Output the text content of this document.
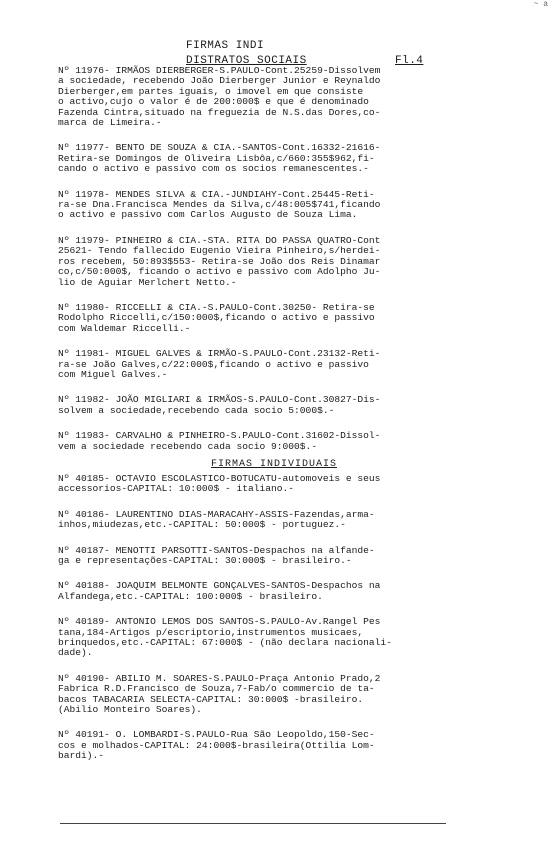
~ a
FIRMAS INDI
DISTRATOS SOCIAIS	Fl.4
Nº 11976- IRMÃOS DIERBERGER-S.PAULO-Cont.25259-Dissolvem
a sociedade, recebendo João Dierberger Junior e Reynaldo
Dierberger,em partes iguais, o imovel em que consiste
o activo,cujo o valor é de 200:000$ e que é denominado
Fazenda Cintra,situado na freguezia de N.S.das Dores,co-
marca de Limeira.-
Nº 11977- BENTO DE SOUZA & CIA.-SANTOS-Cont.16332-21616-
Retira-se Domingos de Oliveira Lisbôa,c/660:355$962,fi-
cando o activo e passivo com os socios remanescentes.-
Nº 11978- MENDES SILVA & CIA.-JUNDIAHY-Cont.25445-Reti-
ra-se Dna.Francisca Mendes da Silva,c/48:005$741,ficando
o activo e passivo com Carlos Augusto de Souza Lima.
Nº 11979- PINHEIRO & CIA.-STA. RITA DO PASSA QUATRO-Cont
25621- Tendo fallecido Eugenio Vieira Pinheiro,s/herdei-
ros recebem, 50:893$553- Retira-se João dos Reis Dinamar
co,c/50:000$, ficando o activo e passivo com Adolpho Ju-
lio de Aguiar Merlchert Netto.-
Nº 11980- RICCELLI & CIA.-S.PAULO-Cont.30250- Retira-se
Rodolpho Riccelli,c/150:000$,ficando o activo e passivo
com Waldemar Riccelli.-
Nº 11981- MIGUEL GALVES & IRMÃO-S.PAULO-Cont.23132-Reti-
ra-se João Galves,c/22:000$,ficando o activo e passivo
com Miguel Galves.-
Nº 11982- JOÃO MIGLIARI & IRMÃOS-S.PAULO-Cont.30827-Dis-
solvem a sociedade,recebendo cada socio 5:000$.-
Nº 11983- CARVALHO & PINHEIRO-S.PAULO-Cont.31602-Dissol-
vem a sociedade recebendo cada socio 9:000$.-
FIRMAS INDIVIDUAIS
Nº 40185- OCTAVIO ESCOLASTICO-BOTUCATU-automoveis e seus
accessorios-CAPITAL: 10:000$ - italiano.-
Nº 40186- LAURENTINO DIAS-MARACAHY-ASSIS-Fazendas,arma-
inhos,miudezas,etc.-CAPITAL: 50:000$ - portuguez.-
Nº 40187- MENOTTI PARSOTTI-SANTOS-Despachos na alfande-
ga e representações-CAPITAL: 30:000$ - brasileiro.-
Nº 40188- JOAQUIM BELMONTE GONÇALVES-SANTOS-Despachos na
Alfandega,etc.-CAPITAL: 100:000$ - brasileiro.
Nº 40189- ANTONIO LEMOS DOS SANTOS-S.PAULO-Av.Rangel Pes
tana,184-Artigos p/escriptorio,instrumentos musicaes,
brinquedos,etc.-CAPITAL: 67:000$ - (não declara nacionali-
dade).
Nº 40190- ABILIO M. SOARES-S.PAULO-Praça Antonio Prado,2
Fabrica R.D.Francisco de Souza,7-Fab/o commercio de ta-
bacos TABACARIA SELECTA-CAPITAL: 30:000$ -brasileiro.
(Abilio Monteiro Soares).
Nº 40191- O. LOMBARDI-S.PAULO-Rua São Leopoldo,150-Sec-
cos e molhados-CAPITAL: 24:000$-brasileira(Ottilia Lom-
bardi).-
